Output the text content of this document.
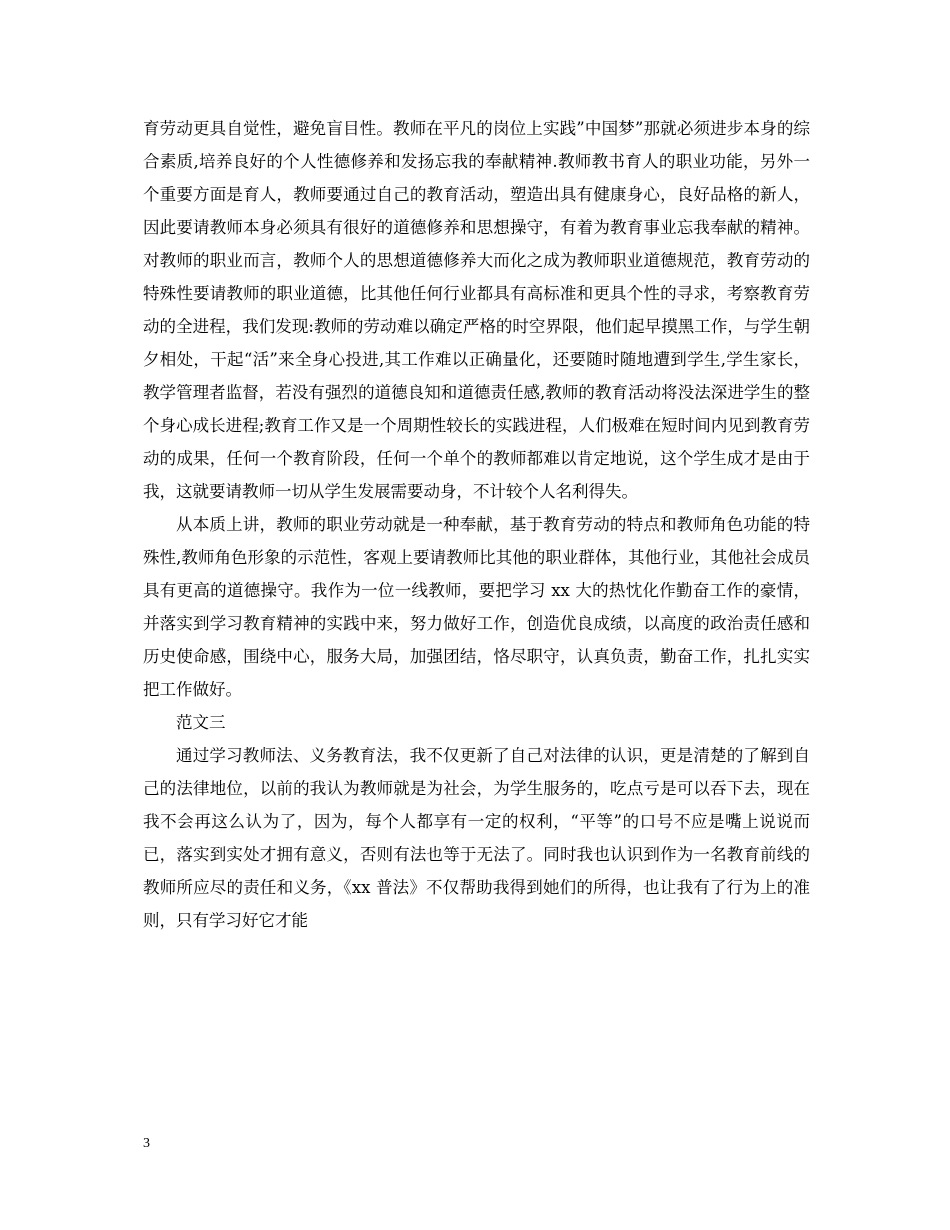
育劳动更具自觉性，避免盲目性。教师在平凡的岗位上实践”中国梦”那就必须进步本身的综合素质,培养良好的个人性德修养和发扬忘我的奉献精神.教师教书育人的职业功能，另外一个重要方面是育人，教师要通过自己的教育活动，塑造出具有健康身心，良好品格的新人，因此要请教师本身必须具有很好的道德修养和思想操守，有着为教育事业忘我奉献的精神。对教师的职业而言，教师个人的思想道德修养大而化之成为教师职业道德规范，教育劳动的特殊性要请教师的职业道德，比其他任何行业都具有高标准和更具个性的寻求，考察教育劳动的全进程，我们发现:教师的劳动难以确定严格的时空界限，他们起早摸黑工作，与学生朝夕相处，干起“活”来全身心投进,其工作难以正确量化，还要随时随地遭到学生,学生家长，教学管理者监督，若没有强烈的道德良知和道德责任感,教师的教育活动将没法深进学生的整个身心成长进程;教育工作又是一个周期性较长的实践进程，人们极难在短时间内见到教育劳动的成果，任何一个教育阶段，任何一个单个的教师都难以肯定地说，这个学生成才是由于我，这就要请教师一切从学生发展需要动身，不计较个人名利得失。

从本质上讲，教师的职业劳动就是一种奉献，基于教育劳动的特点和教师角色功能的特殊性,教师角色形象的示范性，客观上要请教师比其他的职业群体，其他行业，其他社会成员具有更高的道德操守。我作为一位一线教师，要把学习 xx 大的热忱化作勤奋工作的豪情，并落实到学习教育精神的实践中来，努力做好工作，创造优良成绩，以高度的政治责任感和历史使命感，围绕中心，服务大局，加强团结，恪尽职守，认真负责，勤奋工作，扎扎实实把工作做好。

范文三

通过学习教师法、义务教育法，我不仅更新了自己对法律的认识，更是清楚的了解到自己的法律地位，以前的我认为教师就是为社会，为学生服务的，吃点亏是可以吞下去，现在我不会再这么认为了，因为，每个人都享有一定的权利，“平等”的口号不应是嘴上说说而已，落实到实处才拥有意义，否则有法也等于无法了。同时我也认识到作为一名教育前线的教师所应尽的责任和义务，《xx 普法》不仅帮助我得到她们的所得，也让我有了行为上的准则，只有学习好它才能

3
